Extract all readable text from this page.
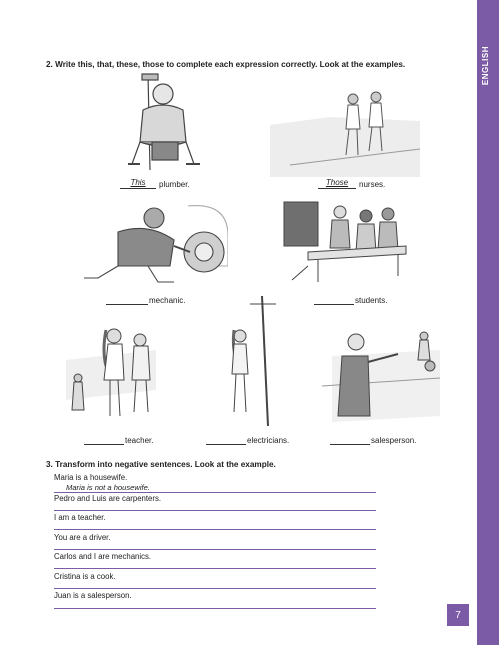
ENGLISH
2. Write this, that, these, those to complete each expression correctly. Look at the examples.
This	plumber.	Those	nurses.
mechanic.	students.
teacher.	electricians.	salesperson.
3. Transform into negative sentences. Look at the example.
Maria is a housewife.
Maria is not a housewife.
Pedro and Luis are carpenters.
I am a teacher.
You are a driver.
Carlos and I are mechanics.
Cristina is a cook.
Juan is a salesperson.
7
